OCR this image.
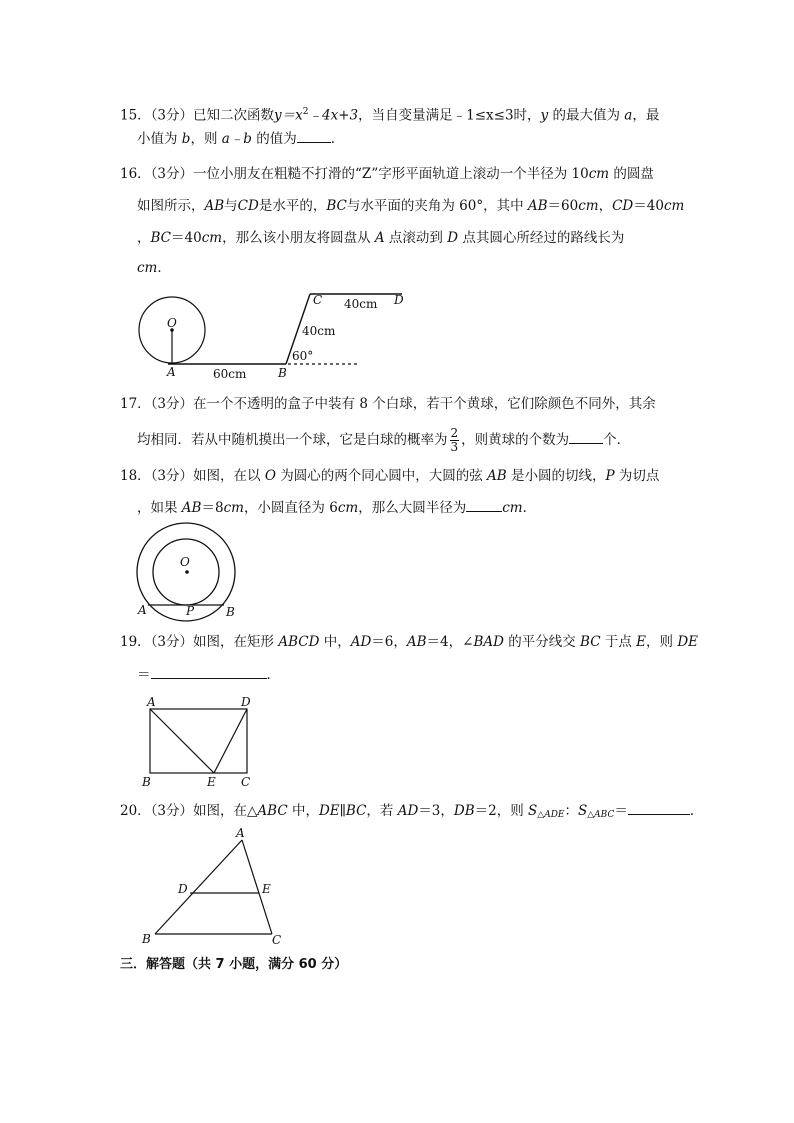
15．（3分）已知二次函数$y=x^2﹣4x+3$，当自变量满足﹣1≤x≤3时，y 的最大值为 a，最
小值为 b，则 a﹣b 的值为	．
16．（3分）一位小朋友在粗糙不打滑的“Z”字形平面轨道上滚动一个半径为 10cm 的圆盘
如图所示，AB与CD是水平的，BC与水平面的夹角为 60°，其中 AB＝60cm，CD＝40cm
，BC＝40cm，那么该小朋友将圆盘从 A 点滚动到 D 点其圆心所经过的路线长为
cm．
O
A	B
C	D
60cm
40cm
40cm
60°
17．（3分）在一个不透明的盒子中装有 8 个白球，若干个黄球，它们除颜色不同外，其余
均相同．若从中随机摸出一个球，它是白球的概率为 $\frac{2}{3}$ ，则黄球的个数为	个．
18．（3分）如图，在以 O 为圆心的两个同心圆中，大圆的弦 AB 是小圆的切线，P 为切点
，如果 AB＝8cm，小圆直径为 6cm，那么大圆半径为	cm．
O
A	P	B
19．（3分）如图，在矩形 ABCD 中，AD＝6，AB＝4，∠BAD 的平分线交 BC 于点 E，则 DE
＝	．
A	D
B	E C
20．（3分）如图，在△ABC 中，DE∥BC，若 AD＝3，DB＝2，则 $S_{\triangle ADE}$：$S_{\triangle ABC}=$	．
A
D	E
B	C
三．解答题（共 7 小题，满分 60 分）
